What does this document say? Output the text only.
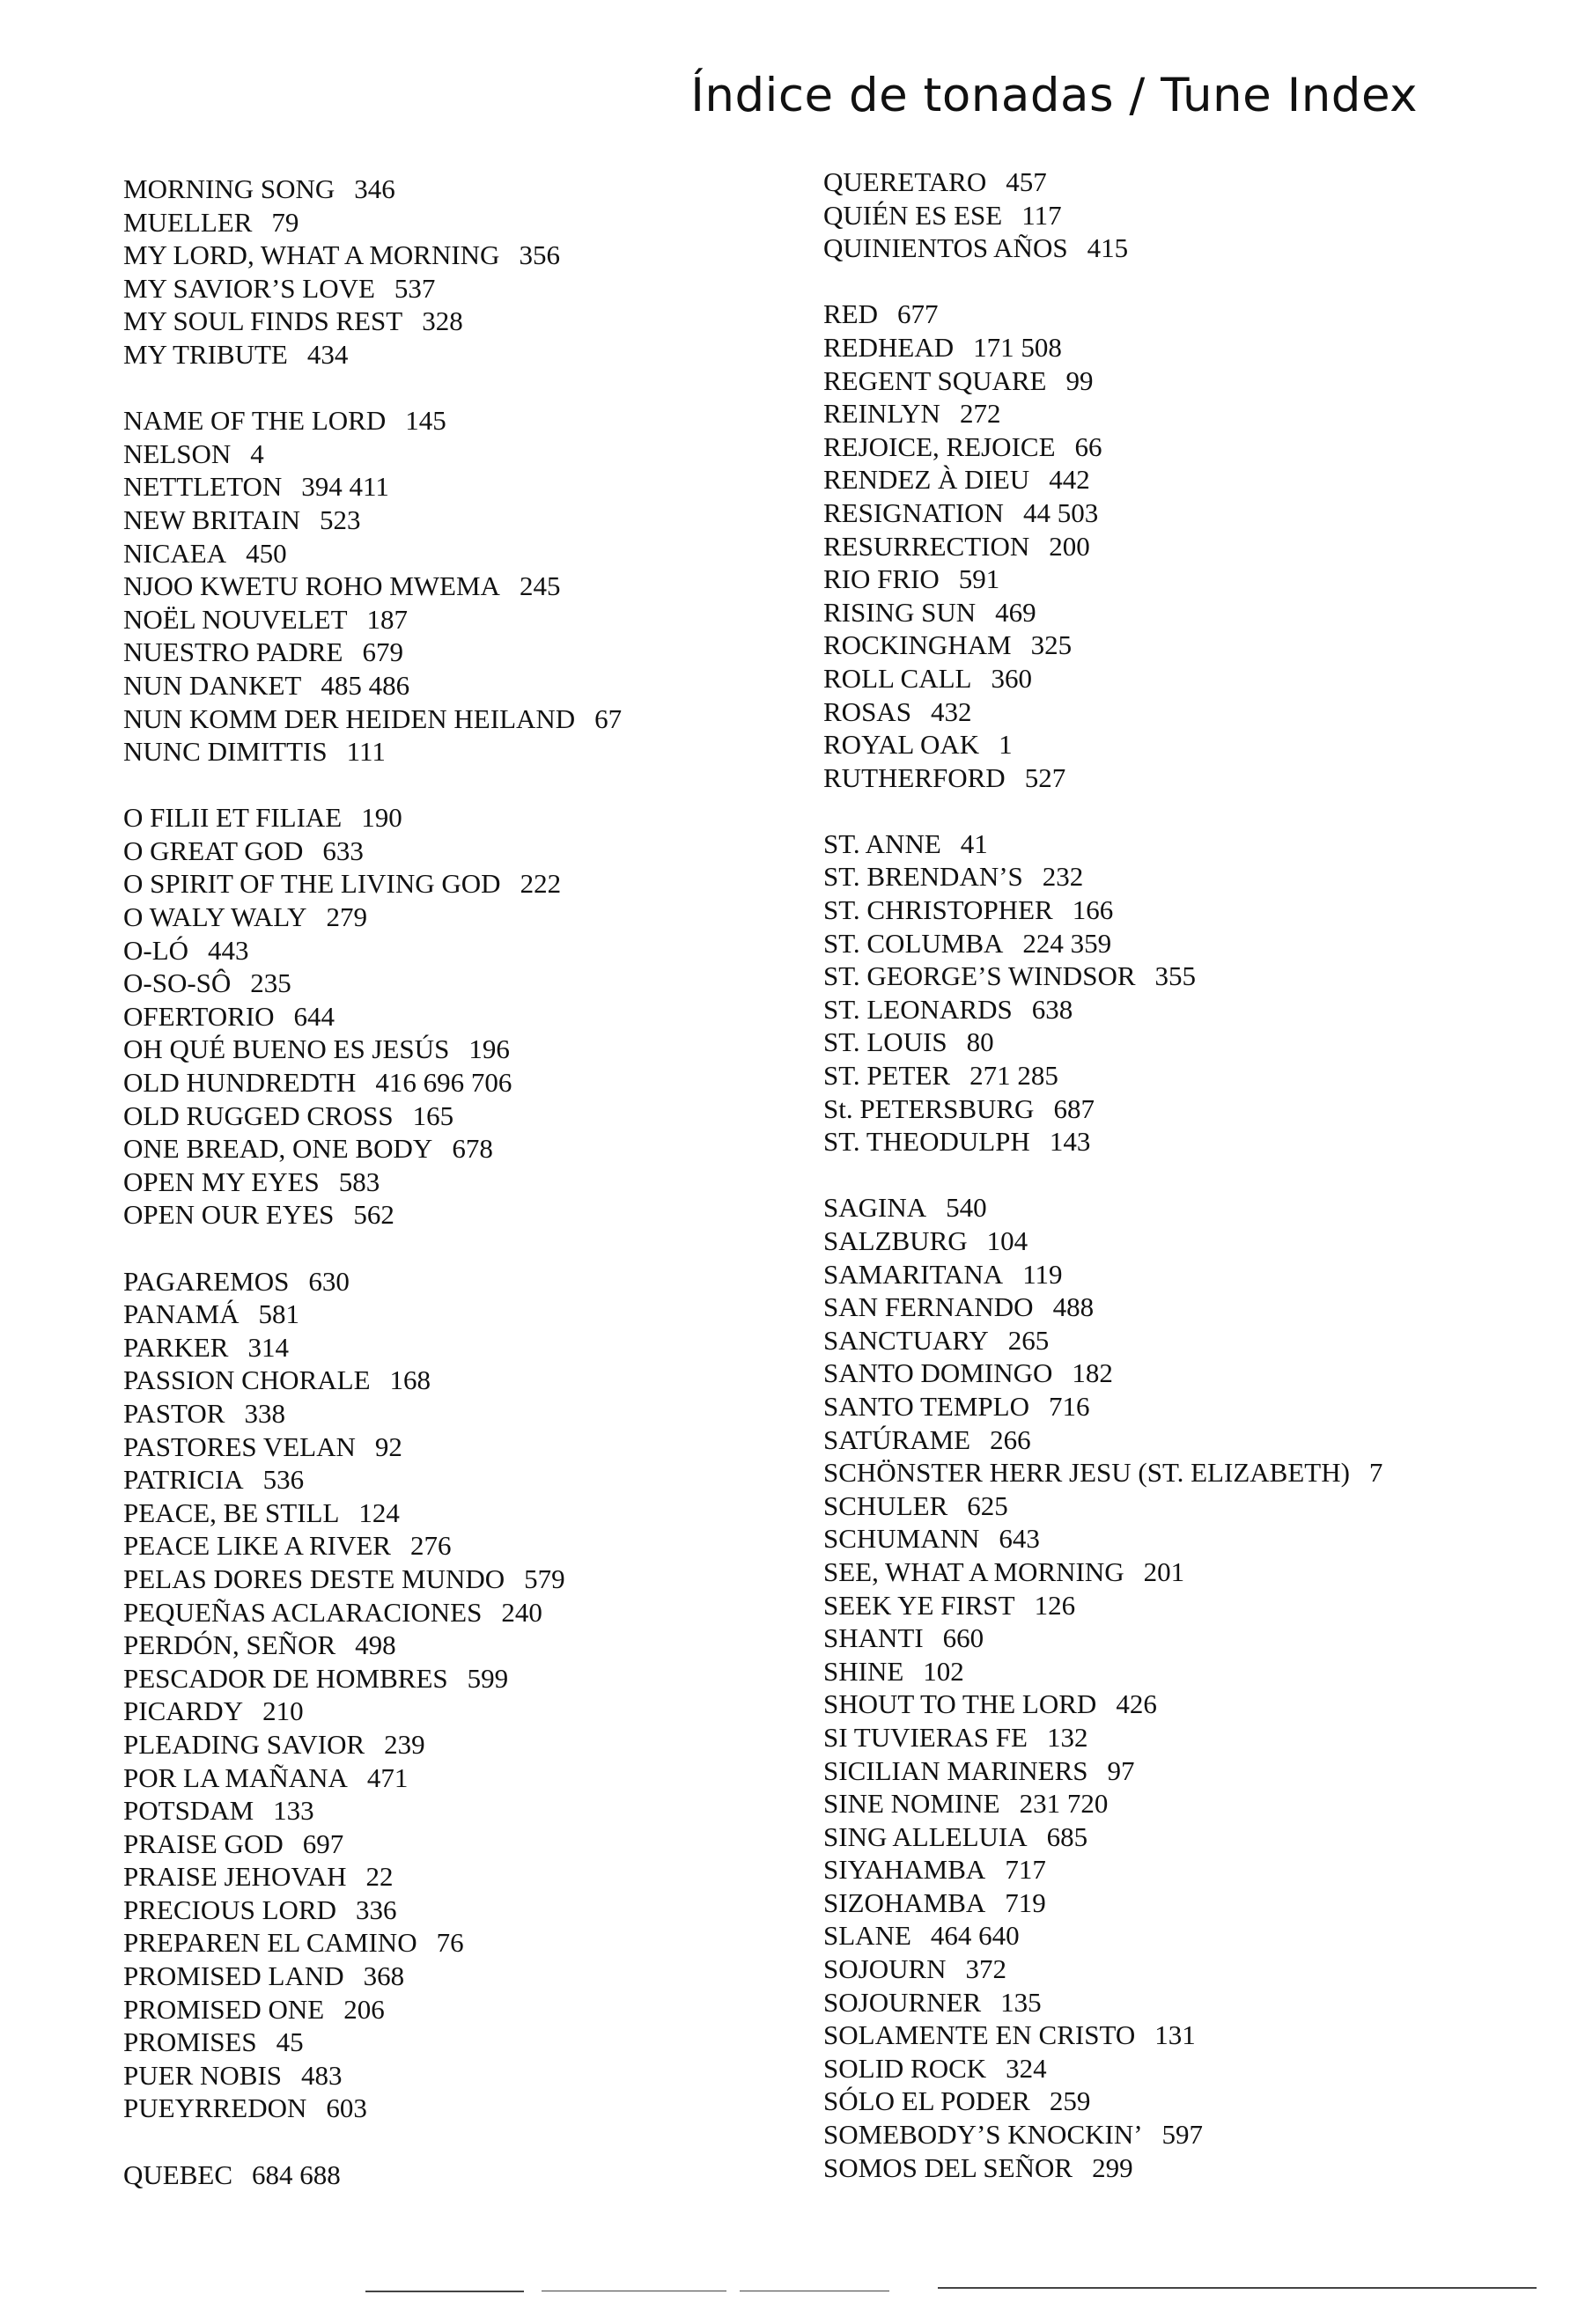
Índice de tonadas / Tune Index
MORNING SONG 346
MUELLER 79
MY LORD, WHAT A MORNING 356
MY SAVIOR’S LOVE 537
MY SOUL FINDS REST 328
MY TRIBUTE 434
NAME OF THE LORD 145
NELSON 4
NETTLETON 394 411
NEW BRITAIN 523
NICAEA 450
NJOO KWETU ROHO MWEMA 245
NOËL NOUVELET 187
NUESTRO PADRE 679
NUN DANKET 485 486
NUN KOMM DER HEIDEN HEILAND 67
NUNC DIMITTIS 111
O FILII ET FILIAE 190
O GREAT GOD 633
O SPIRIT OF THE LIVING GOD 222
O WALY WALY 279
O-LÓ 443
O-SO-SÔ 235
OFERTORIO 644
OH QUÉ BUENO ES JESÚS 196
OLD HUNDREDTH 416 696 706
OLD RUGGED CROSS 165
ONE BREAD, ONE BODY 678
OPEN MY EYES 583
OPEN OUR EYES 562
PAGAREMOS 630
PANAMÁ 581
PARKER 314
PASSION CHORALE 168
PASTOR 338
PASTORES VELAN 92
PATRICIA 536
PEACE, BE STILL 124
PEACE LIKE A RIVER 276
PELAS DORES DESTE MUNDO 579
PEQUEÑAS ACLARACIONES 240
PERDÓN, SEÑOR 498
PESCADOR DE HOMBRES 599
PICARDY 210
PLEADING SAVIOR 239
POR LA MAÑANA 471
POTSDAM 133
PRAISE GOD 697
PRAISE JEHOVAH 22
PRECIOUS LORD 336
PREPAREN EL CAMINO 76
PROMISED LAND 368
PROMISED ONE 206
PROMISES 45
PUER NOBIS 483
PUEYRREDON 603
QUEBEC 684 688
QUERETARO 457
QUIÉN ES ESE 117
QUINIENTOS AÑOS 415
RED 677
REDHEAD 171 508
REGENT SQUARE 99
REINLYN 272
REJOICE, REJOICE 66
RENDEZ À DIEU 442
RESIGNATION 44 503
RESURRECTION 200
RIO FRIO 591
RISING SUN 469
ROCKINGHAM 325
ROLL CALL 360
ROSAS 432
ROYAL OAK 1
RUTHERFORD 527
ST. ANNE 41
ST. BRENDAN’S 232
ST. CHRISTOPHER 166
ST. COLUMBA 224 359
ST. GEORGE’S WINDSOR 355
ST. LEONARDS 638
ST. LOUIS 80
ST. PETER 271 285
St. PETERSBURG 687
ST. THEODULPH 143
SAGINA 540
SALZBURG 104
SAMARITANA 119
SAN FERNANDO 488
SANCTUARY 265
SANTO DOMINGO 182
SANTO TEMPLO 716
SATÚRAME 266
SCHÖNSTER HERR JESU (ST. ELIZABETH) 7
SCHULER 625
SCHUMANN 643
SEE, WHAT A MORNING 201
SEEK YE FIRST 126
SHANTI 660
SHINE 102
SHOUT TO THE LORD 426
SI TUVIERAS FE 132
SICILIAN MARINERS 97
SINE NOMINE 231 720
SING ALLELUIA 685
SIYAHAMBA 717
SIZOHAMBA 719
SLANE 464 640
SOJOURN 372
SOJOURNER 135
SOLAMENTE EN CRISTO 131
SOLID ROCK 324
SÓLO EL PODER 259
SOMEBODY’S KNOCKIN’ 597
SOMOS DEL SEÑOR 299
